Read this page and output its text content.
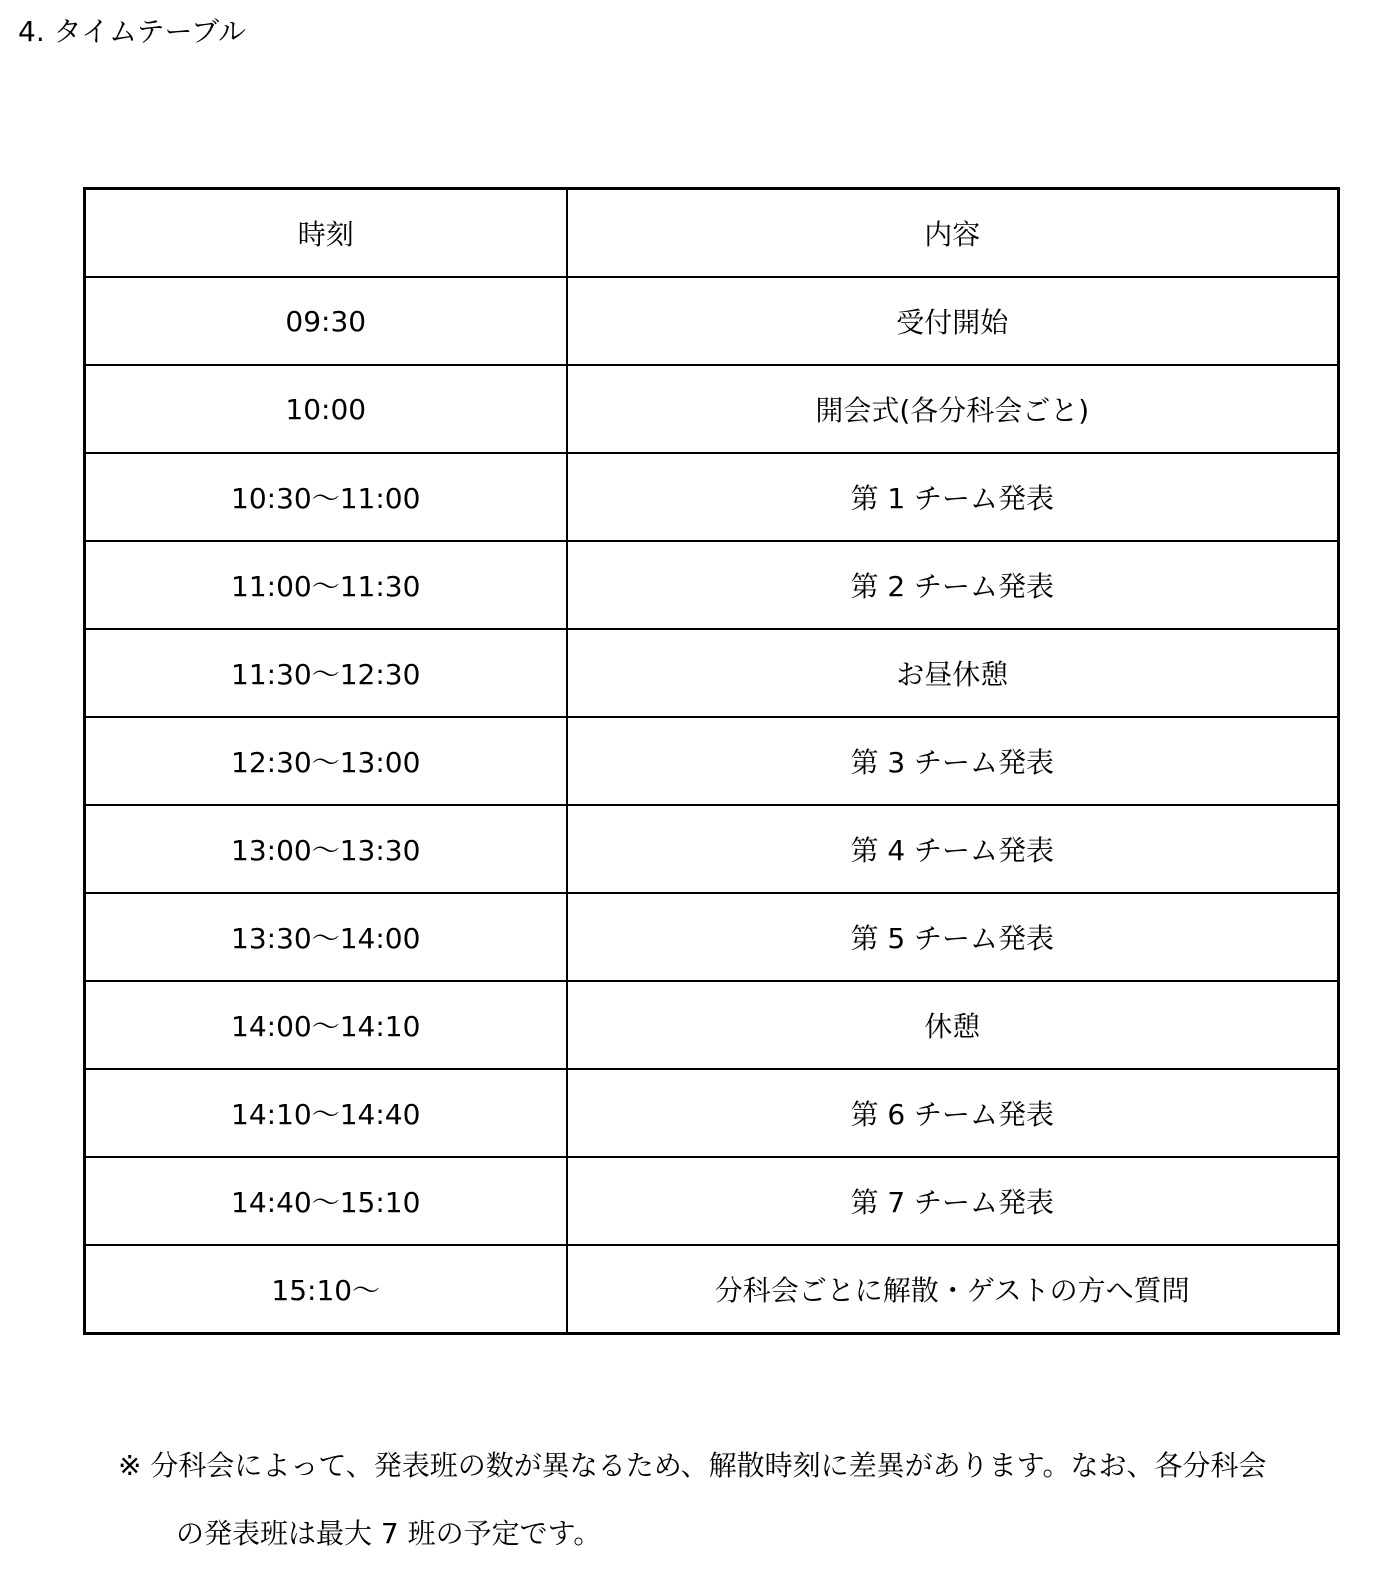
4. タイムテーブル
時刻	内容
09:30	受付開始
10:00	開会式(各分科会ごと)
10:30〜11:00	第 1 チーム発表
11:00〜11:30	第 2 チーム発表
11:30〜12:30	お昼休憩
12:30〜13:00	第 3 チーム発表
13:00〜13:30	第 4 チーム発表
13:30〜14:00	第 5 チーム発表
14:00〜14:10	休憩
14:10〜14:40	第 6 チーム発表
14:40〜15:10	第 7 チーム発表
15:10〜	分科会ごとに解散・ゲストの方へ質問
※ 分科会によって、発表班の数が異なるため、解散時刻に差異があります。なお、各分科会
の発表班は最大 7 班の予定です。
